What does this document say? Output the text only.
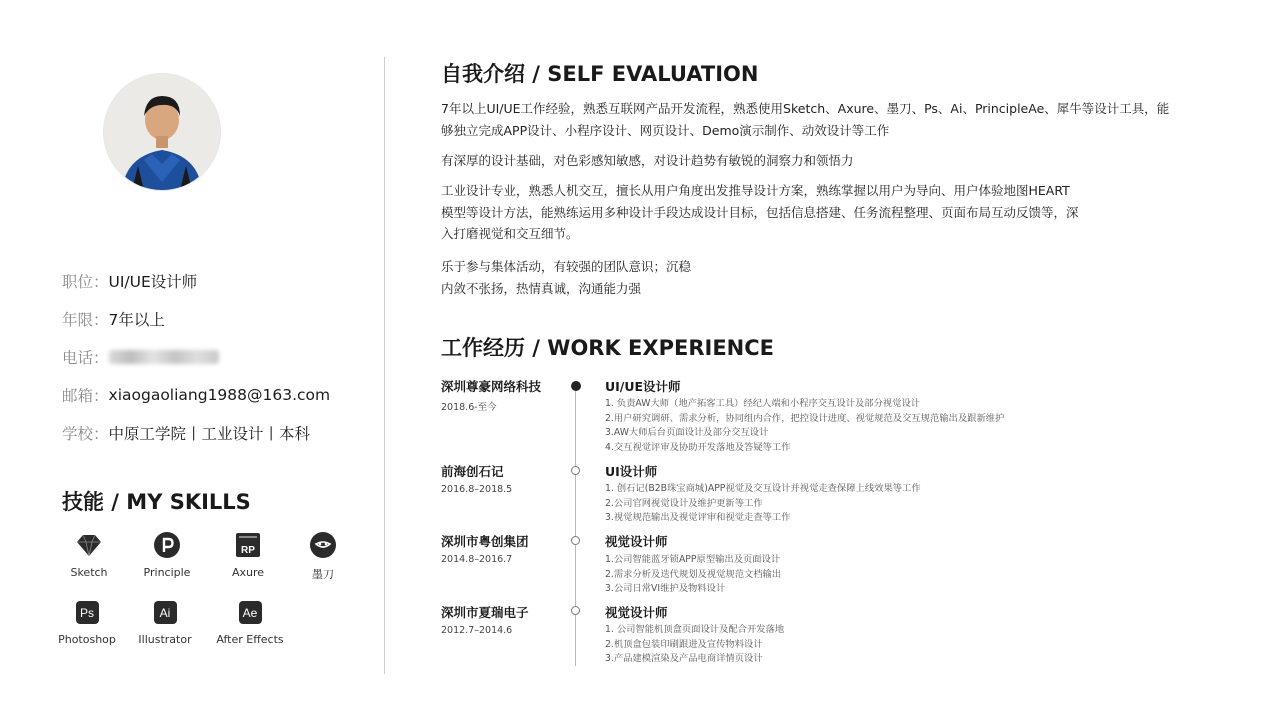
职位： UI/UE设计师
年限： 7年以上
电话：
邮箱： xiaogaoliang1988@163.com
学校： 中原工学院丨工业设计丨本科
技能 / MY SKILLS
Sketch	Principle
RP
Axure	墨刀
Ps
Photoshop
Ai
Illustrator
Ae
After Effects
自我介绍 / SELF EVALUATION
7年以上UI/UE工作经验，熟悉互联网产品开发流程，熟悉使用Sketch、Axure、墨刀、Ps、Ai、PrincipleAe、犀牛等设计工具，能够独立完成APP设计、小程序设计、网页设计、Demo演示制作、动效设计等工作
有深厚的设计基础，对色彩感知敏感，对设计趋势有敏锐的洞察力和领悟力
工业设计专业，熟悉人机交互，擅长从用户角度出发推导设计方案，熟练掌握以用户为导向、用户体验地图HEART模型等设计方法，能熟练运用多种设计手段达成设计目标，包括信息搭建、任务流程整理、页面布局互动反馈等，深入打磨视觉和交互细节。
乐于参与集体活动，有较强的团队意识；沉稳内敛不张扬，热情真诚，沟通能力强
工作经历 / WORK EXPERIENCE
深圳尊豪网络科技
2018.6-至今
UI/UE设计师
1. 负责AW大师（地产拓客工具）经纪人端和小程序交互设计及部分视觉设计
2.用户研究调研、需求分析，协同组内合作，把控设计进度、视觉规范及交互规范输出及跟新维护
3.AW大师后台页面设计及部分交互设计
4.交互视觉评审及协助开发落地及答疑等工作
前海创石记
2016.8–2018.5
UI设计师
1. 创石记(B2B珠宝商城)APP视觉及交互设计并视觉走查保障上线效果等工作
2.公司官网视觉设计及维护更新等工作
3.视觉规范输出及视觉评审和视觉走查等工作
深圳市粤创集团
2014.8–2016.7
视觉设计师
1.公司智能蓝牙锁APP原型输出及页面设计
2.需求分析及迭代规划及视觉规范文档输出
3.公司日常VI维护及物料设计
深圳市夏瑞电子
2012.7–2014.6
视觉设计师
1. 公司智能机顶盒页面设计及配合开发落地
2.机顶盒包装印刷跟进及宣传物料设计
3.产品建模渲染及产品电商详情页设计
